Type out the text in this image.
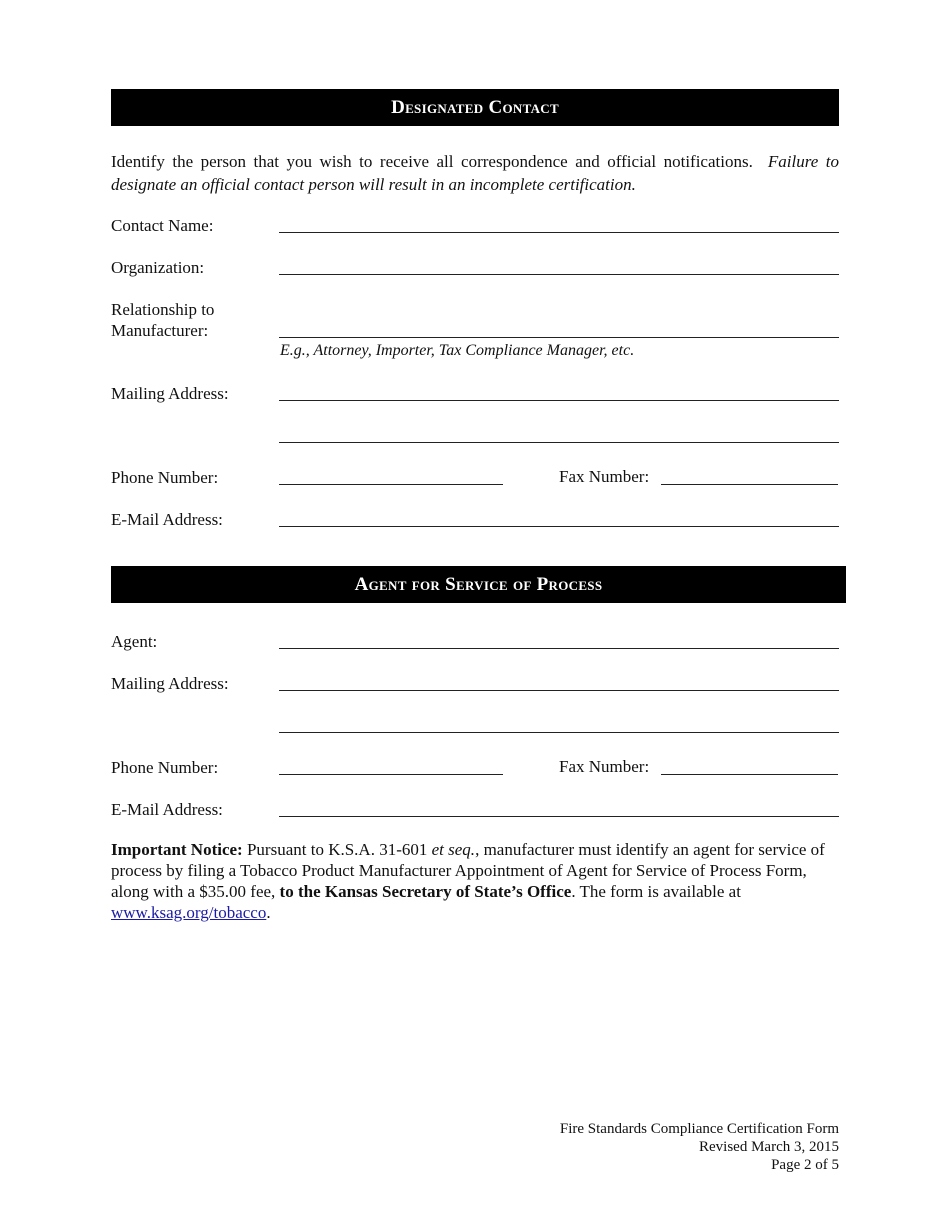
Designated Contact
Identify the person that you wish to receive all correspondence and official notifications. Failure to designate an official contact person will result in an incomplete certification.
Contact Name:
Organization:
Relationship to
Manufacturer:
E.g., Attorney, Importer, Tax Compliance Manager, etc.
Mailing Address:
Phone Number:	Fax Number:
E-Mail Address:
Agent for Service of Process
Agent:
Mailing Address:
Phone Number:	Fax Number:
E-Mail Address:
Important Notice: Pursuant to K.S.A. 31-601 et seq., manufacturer must identify an agent for service of process by filing a Tobacco Product Manufacturer Appointment of Agent for Service of Process Form, along with a $35.00 fee, to the Kansas Secretary of State’s Office. The form is available at www.ksag.org/tobacco.
Fire Standards Compliance Certification Form
Revised March 3, 2015
Page 2 of 5
